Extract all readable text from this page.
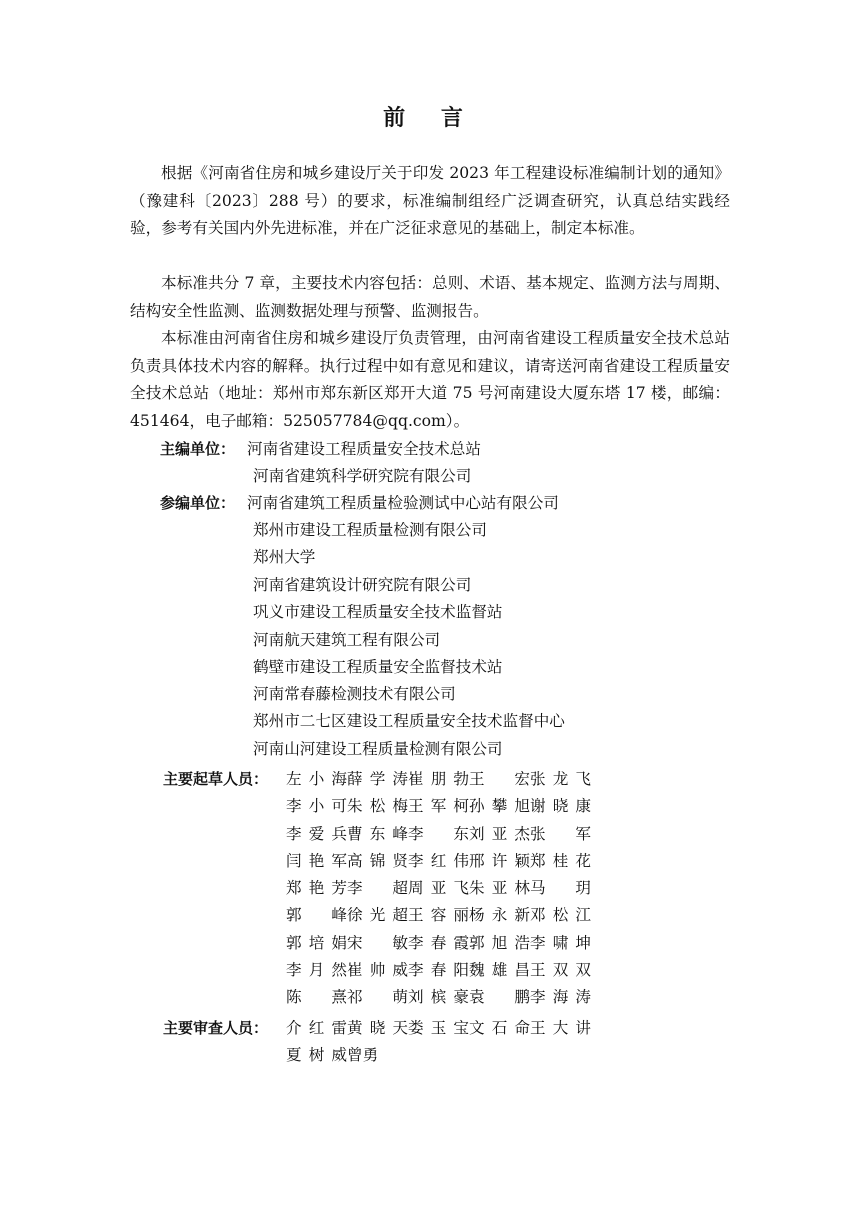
前 言

根据《河南省住房和城乡建设厅关于印发 2023 年工程建设标准编制计划的通知》（豫建科〔2023〕288 号）的要求，标准编制组经广泛调查研究，认真总结实践经验，参考有关国内外先进标准，并在广泛征求意见的基础上，制定本标准。

本标准共分 7 章，主要技术内容包括：总则、术语、基本规定、监测方法与周期、结构安全性监测、监测数据处理与预警、监测报告。

本标准由河南省住房和城乡建设厅负责管理，由河南省建设工程质量安全技术总站负责具体技术内容的解释。执行过程中如有意见和建议，请寄送河南省建设工程质量安全技术总站（地址：郑州市郑东新区郑开大道 75 号河南建设大厦东塔 17 楼，邮编：451464，电子邮箱：525057784@qq.com）。

主编单位： 河南省建设工程质量安全技术总站
河南省建筑科学研究院有限公司
参编单位： 河南省建筑工程质量检验测试中心站有限公司
郑州市建设工程质量检测有限公司
郑州大学
河南省建筑设计研究院有限公司
巩义市建设工程质量安全技术监督站
河南航天建筑工程有限公司
鹤壁市建设工程质量安全监督技术站
河南常春藤检测技术有限公司
郑州市二七区建设工程质量安全技术监督中心
河南山河建设工程质量检测有限公司
主要起草人员： 左小海 薛学涛 崔朋勃 王　宏 张龙飞
李小可 朱松梅 王军柯 孙攀旭 谢晓康
李爱兵 曹东峰 李　东 刘亚杰 张　军
闫艳军 高锦贤 李红伟 邢许颖 郑桂花
郑艳芳 李　超 周亚飞 朱亚林 马　玥
郭　峰 徐光超 王容丽 杨永新 邓松江
郭培娟 宋　敏 李春霞 郭旭浩 李啸坤
李月然 崔帅威 李春阳 魏雄昌 王双双
陈　熹 祁　萌 刘槟豪 袁　鹏 李海涛
主要审查人员： 介红雷 黄晓天 娄玉宝 文石命 王大讲
夏树威 曾勇
